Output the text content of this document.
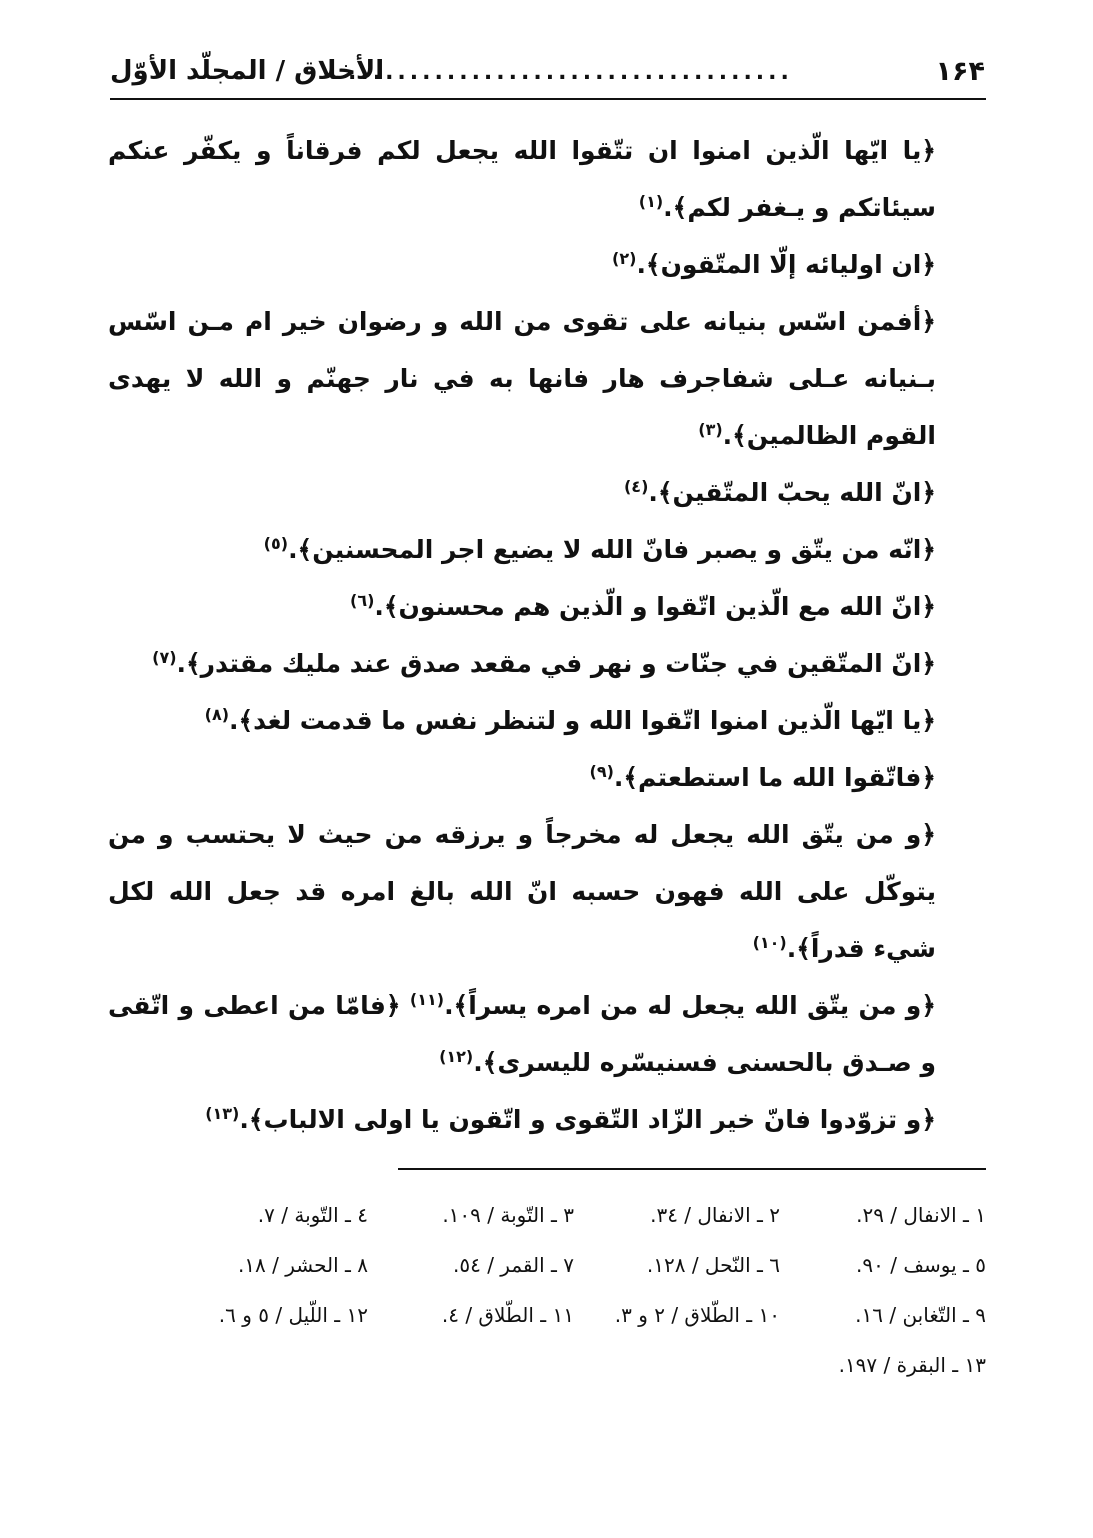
١۶۴
....................................
الأخلاق / المجلّد الأوّل

﴿يا ايّها الّذين امنوا ان تتّقوا الله يجعل لكم فرقاناً و يكفّر عنكم سيئاتكم و يـغفر لكم﴾.$^{(١)}$

﴿ان اوليائه إلّا المتّقون﴾.$^{(٢)}$

﴿أفمن اسّس بنيانه على تقوى من الله و رضوان خير ام مـن اسّس بـنيانه عـلى شفاجرف هار فانها به في نار جهنّم و الله لا يهدى القوم الظالمين﴾.$^{(٣)}$

﴿انّ الله يحبّ المتّقين﴾.$^{(٤)}$

﴿انّه من يتّق و يصبر فانّ الله لا يضيع اجر المحسنين﴾.$^{(٥)}$

﴿انّ الله مع الّذين اتّقوا و الّذين هم محسنون﴾.$^{(٦)}$

﴿انّ المتّقين في جنّات و نهر في مقعد صدق عند مليك مقتدر﴾.$^{(٧)}$

﴿يا ايّها الّذين امنوا اتّقوا الله و لتنظر نفس ما قدمت لغد﴾.$^{(٨)}$

﴿فاتّقوا الله ما استطعتم﴾.$^{(٩)}$

﴿و من يتّق الله يجعل له مخرجاً و يرزقه من حيث لا يحتسب و من يتوكّل على الله فهون حسبه انّ الله بالغ امره قد جعل الله لكل شيء قدراً﴾.$^{(١٠)}$

﴿و من يتّق الله يجعل له من امره يسراً﴾.$^{(١١)}$ ﴿فامّا من اعطى و اتّقى و صـدق بالحسنى فسنيسّره لليسرى﴾.$^{(١٢)}$

﴿و تزوّدوا فانّ خير الزّاد التّقوى و اتّقون يا اولى الالباب﴾.$^{(١٣)}$

١ ـ الانفال / ٢٩.
٢ ـ الانفال / ٣٤.
٣ ـ التّوبة / ١٠٩.
٤ ـ التّوبة / ٧.
٥ ـ يوسف / ٩٠.
٦ ـ النّحل / ١٢٨.
٧ ـ القمر / ٥٤.
٨ ـ الحشر / ١٨.
٩ ـ التّغابن / ١٦.
١٠ ـ الطّلاق / ٢ و ٣.
١١ ـ الطّلاق / ٤.
١٢ ـ اللّيل / ٥ و ٦.
١٣ ـ البقرة / ١٩٧.
